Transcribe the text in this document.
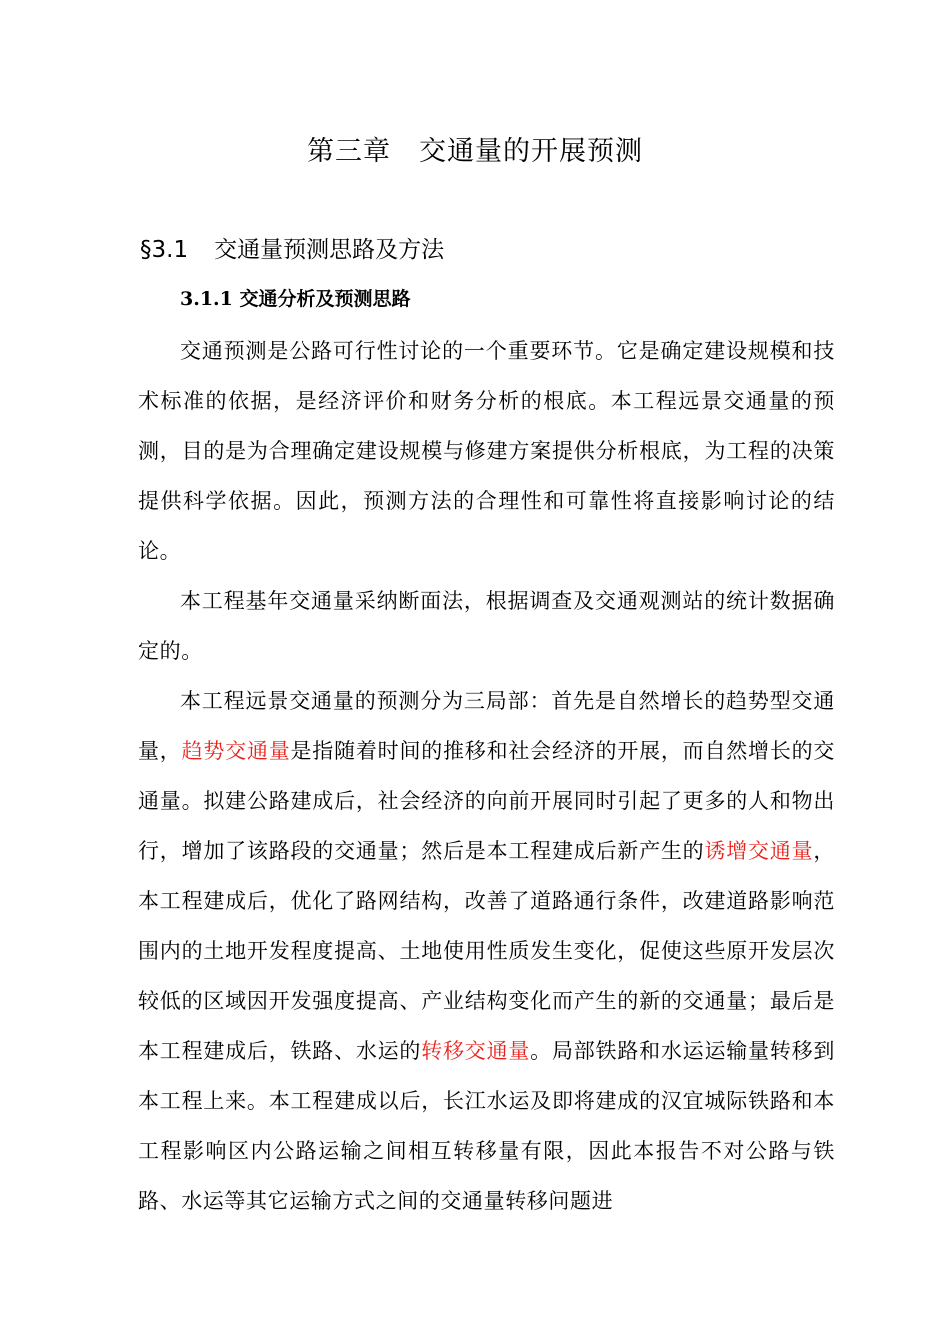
第三章　交通量的开展预测
§3.1 交通量预测思路及方法
3.1.1 交通分析及预测思路

交通预测是公路可行性讨论的一个重要环节。它是确定建设规模和技术标准的依据，是经济评价和财务分析的根底。本工程远景交通量的预测，目的是为合理确定建设规模与修建方案提供分析根底，为工程的决策提供科学依据。因此，预测方法的合理性和可靠性将直接影响讨论的结论。

本工程基年交通量采纳断面法，根据调查及交通观测站的统计数据确定的。

本工程远景交通量的预测分为三局部：首先是自然增长的趋势型交通量，趋势交通量是指随着时间的推移和社会经济的开展，而自然增长的交通量。拟建公路建成后，社会经济的向前开展同时引起了更多的人和物出行，增加了该路段的交通量；然后是本工程建成后新产生的诱增交通量，本工程建成后，优化了路网结构，改善了道路通行条件，改建道路影响范围内的土地开发程度提高、土地使用性质发生变化，促使这些原开发层次较低的区域因开发强度提高、产业结构变化而产生的新的交通量；最后是本工程建成后，铁路、水运的转移交通量。局部铁路和水运运输量转移到本工程上来。本工程建成以后，长江水运及即将建成的汉宜城际铁路和本工程影响区内公路运输之间相互转移量有限，因此本报告不对公路与铁路、水运等其它运输方式之间的交通量转移问题进
